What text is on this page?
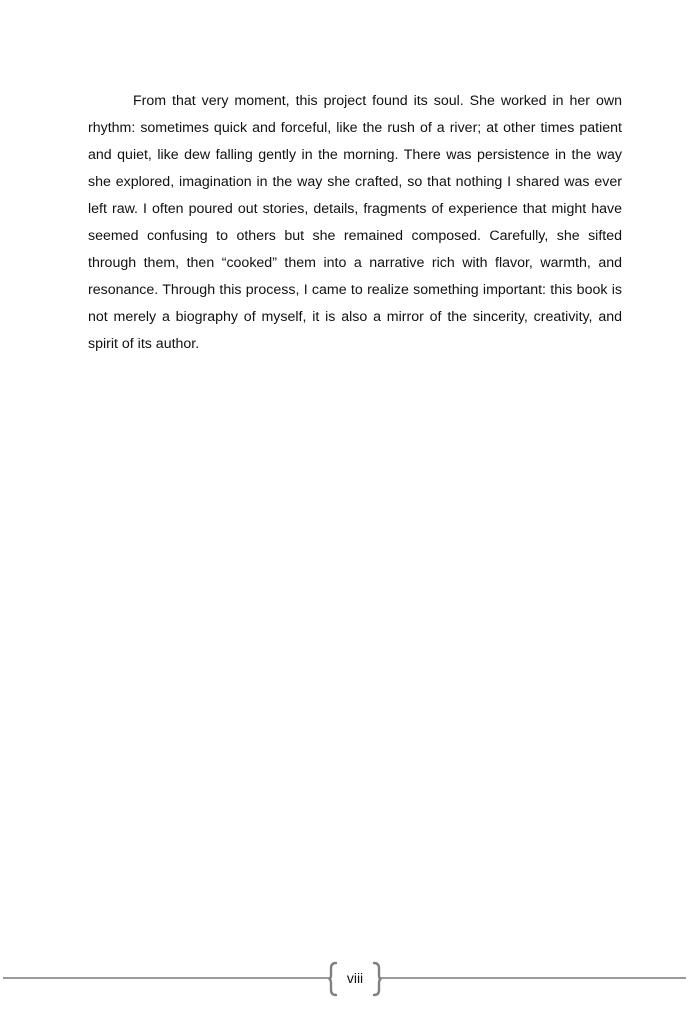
From that very moment, this project found its soul. She worked in her own rhythm: sometimes quick and forceful, like the rush of a river; at other times patient and quiet, like dew falling gently in the morning. There was persistence in the way she explored, imagination in the way she crafted, so that nothing I shared was ever left raw. I often poured out stories, details, fragments of experience that might have seemed confusing to others but she remained composed. Carefully, she sifted through them, then “cooked” them into a narrative rich with flavor, warmth, and resonance. Through this process, I came to realize something important: this book is not merely a biography of myself, it is also a mirror of the sincerity, creativity, and spirit of its author.

viii
